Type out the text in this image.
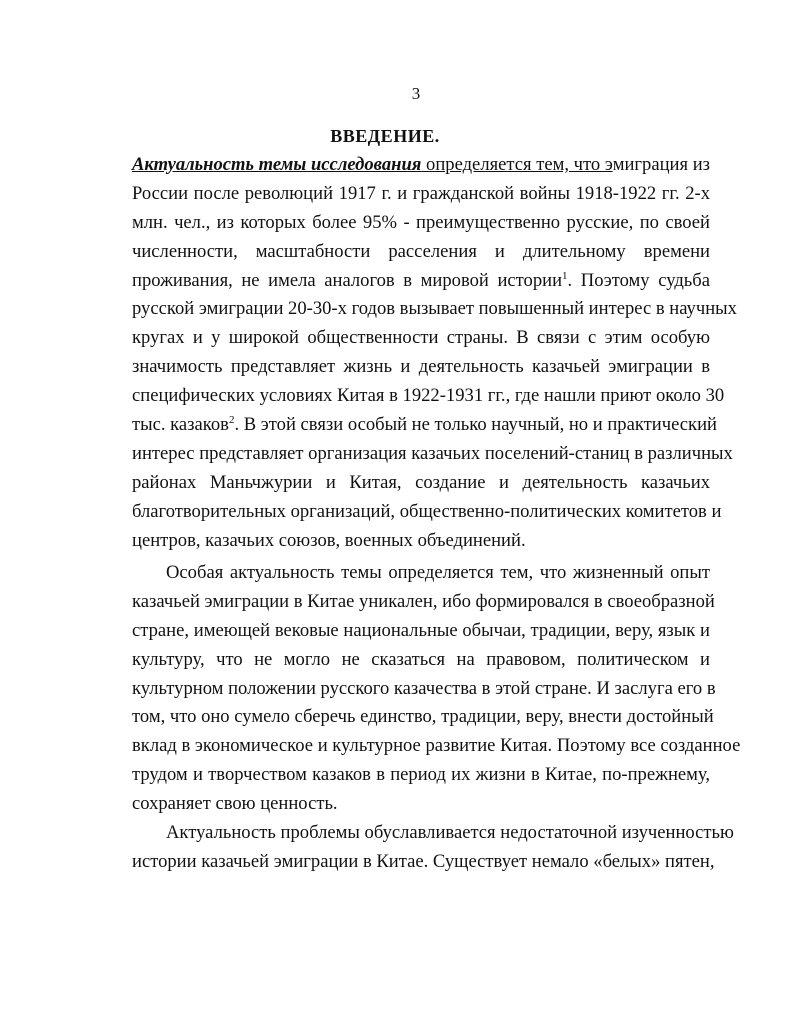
3
ВВЕДЕНИЕ.
Актуальность темы исследования определяется тем, что эмиграция из
России после революций 1917 г. и гражданской войны 1918-1922 гг. 2-х
млн. чел., из которых более 95% - преимущественно русские, по своей
численности, масштабности расселения и длительному времени
проживания, не имела аналогов в мировой истории$^1$. Поэтому судьба
русской эмиграции 20-30-х годов вызывает повышенный интерес в научных
кругах и у широкой общественности страны. В связи с этим особую
значимость представляет жизнь и деятельность казачьей эмиграции в
специфических условиях Китая в 1922-1931 гг., где нашли приют около 30
тыс. казаков$^2$. В этой связи особый не только научный, но и практический
интерес представляет организация казачьих поселений-станиц в различных
районах Маньчжурии и Китая, создание и деятельность казачьих
благотворительных организаций, общественно-политических комитетов и
центров, казачьих союзов, военных объединений.
Особая актуальность темы определяется тем, что жизненный опыт
казачьей эмиграции в Китае уникален, ибо формировался в своеобразной
стране, имеющей вековые национальные обычаи, традиции, веру, язык и
культуру, что не могло не сказаться на правовом, политическом и
культурном положении русского казачества в этой стране. И заслуга его в
том, что оно сумело сберечь единство, традиции, веру, внести достойный
вклад в экономическое и культурное развитие Китая. Поэтому все созданное
трудом и творчеством казаков в период их жизни в Китае, по-прежнему,
сохраняет свою ценность.
Актуальность проблемы обуславливается недостаточной изученностью
истории казачьей эмиграции в Китае. Существует немало «белых» пятен,
